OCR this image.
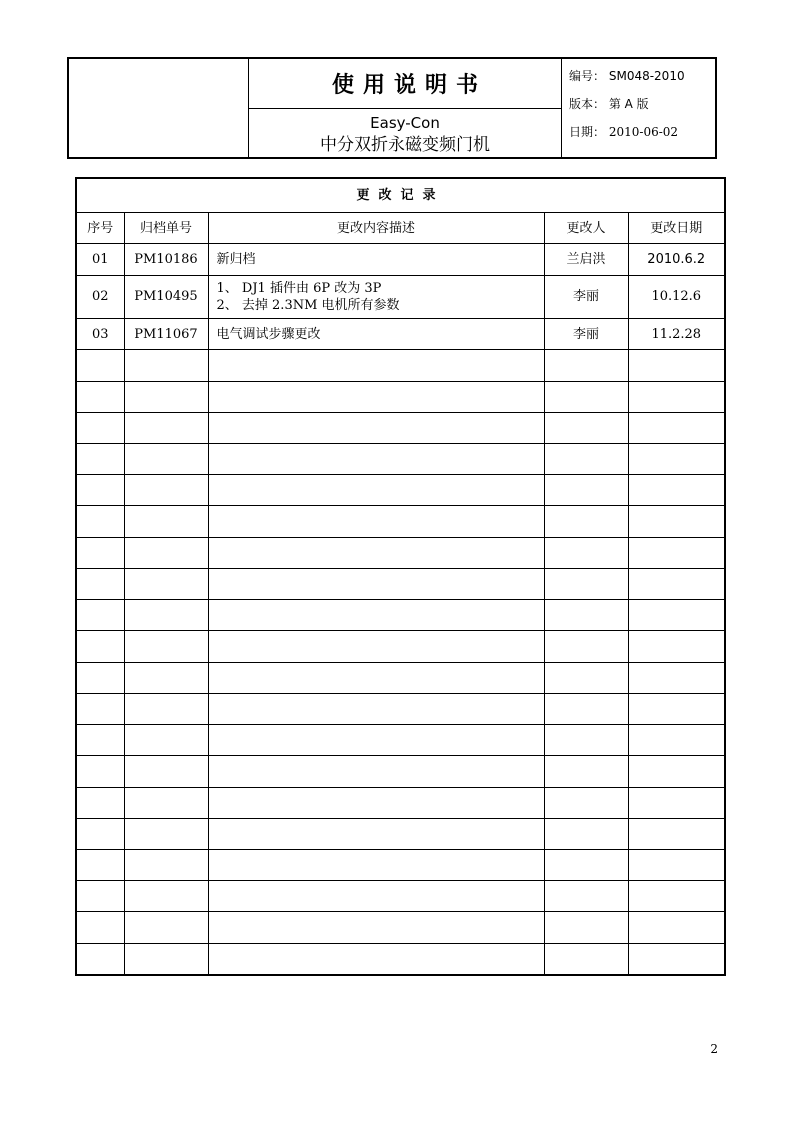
使用说明书
Easy-Con
中分双折永磁变频门机
编号： SM048-2010
版本： 第 A 版
日期： 2010-06-02
更改记录				
序号	归档单号	更改内容描述	更改人	更改日期
01	PM10186	新归档	兰启洪	2010.6.2
02	PM10495	1、 DJ1 插件由 6P 改为 3P
2、 去掉 2.3NM 电机所有参数	李丽	10.12.6
03	PM11067	电气调试步骤更改	李丽	11.2.28

2
